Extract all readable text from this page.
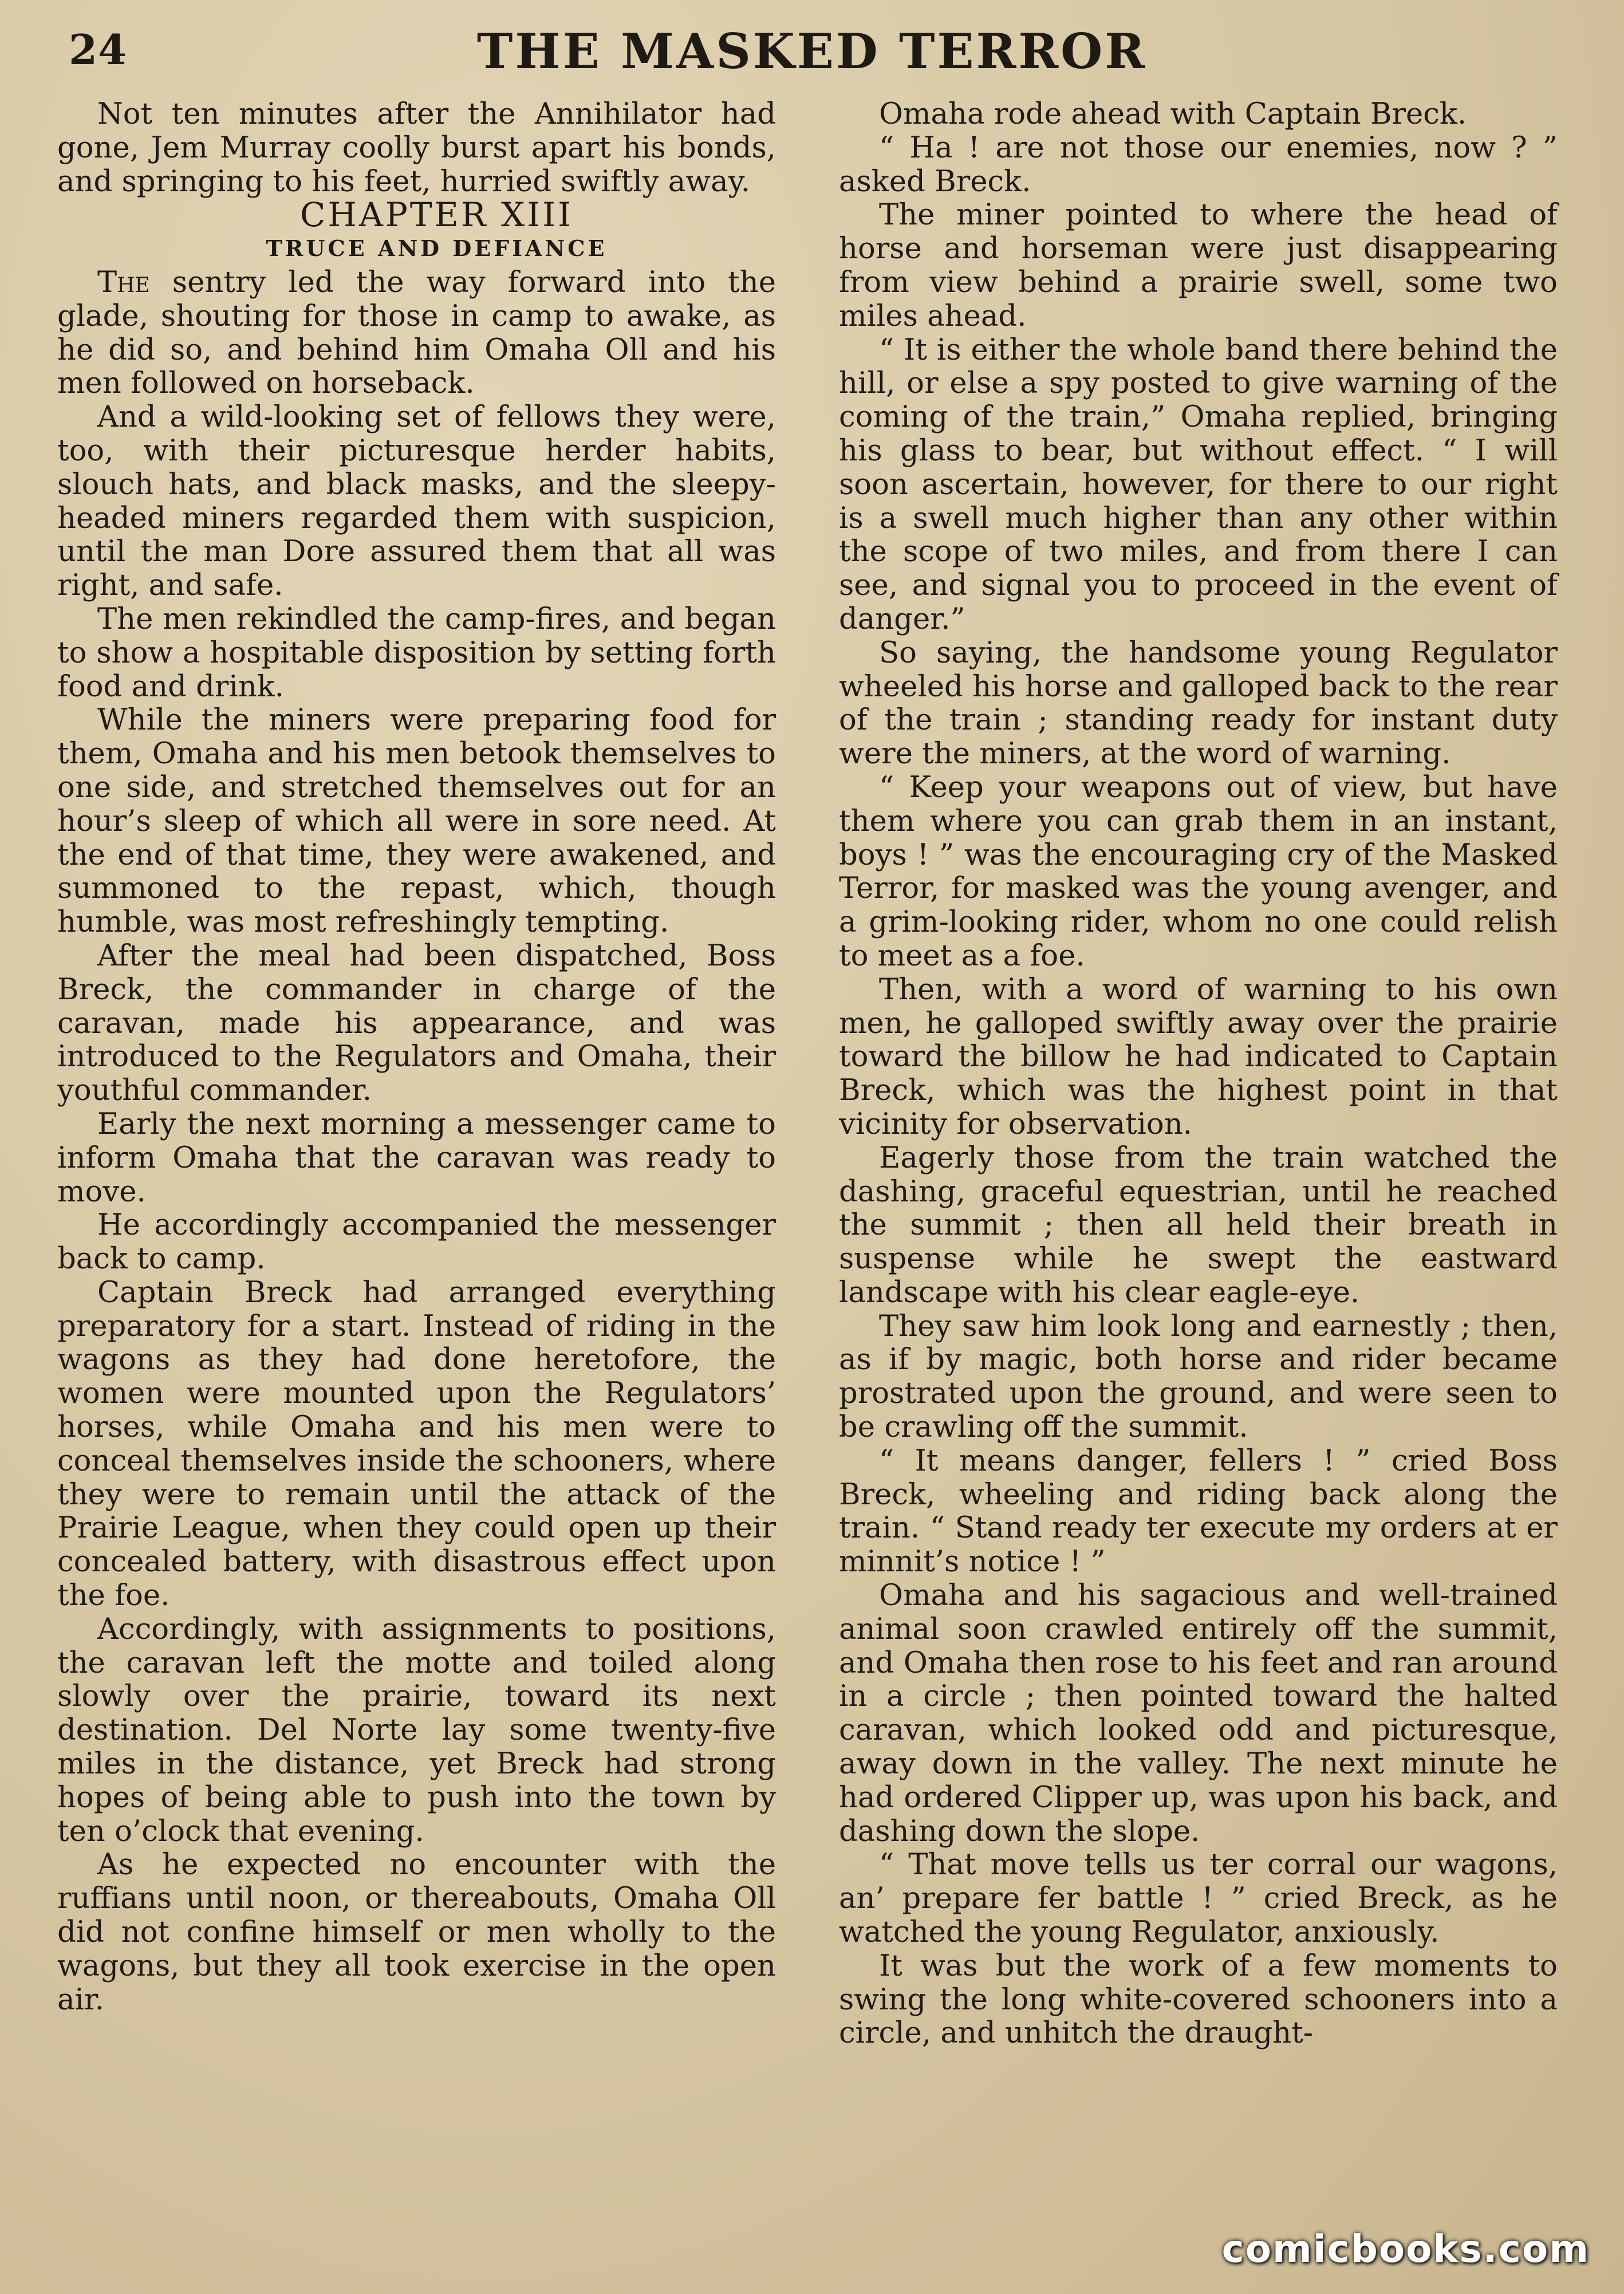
24	THE MASKED TERROR

Not ten minutes after the Annihilator had gone, Jem Murray coolly burst apart his bonds, and springing to his feet, hurried swiftly away.

CHAPTER XIII

TRUCE AND DEFIANCE

The sentry led the way forward into the glade, shouting for those in camp to awake, as he did so, and behind him Omaha Oll and his men followed on horseback.

And a wild-looking set of fellows they were, too, with their picturesque herder habits, slouch hats, and black masks, and the sleepy-headed miners regarded them with suspicion, until the man Dore assured them that all was right, and safe.

The men rekindled the camp-fires, and began to show a hospitable disposition by setting forth food and drink.

While the miners were preparing food for them, Omaha and his men betook themselves to one side, and stretched themselves out for an hour’s sleep of which all were in sore need. At the end of that time, they were awakened, and summoned to the repast, which, though humble, was most refreshingly tempting.

After the meal had been dispatched, Boss Breck, the commander in charge of the caravan, made his appearance, and was introduced to the Regulators and Omaha, their youthful commander.

Early the next morning a messenger came to inform Omaha that the caravan was ready to move.

He accordingly accompanied the messenger back to camp.

Captain Breck had arranged everything preparatory for a start. Instead of riding in the wagons as they had done heretofore, the women were mounted upon the Regulators’ horses, while Omaha and his men were to conceal themselves inside the schooners, where they were to remain until the attack of the Prairie League, when they could open up their concealed battery, with disastrous effect upon the foe.

Accordingly, with assignments to positions, the caravan left the motte and toiled along slowly over the prairie, toward its next destination. Del Norte lay some twenty-five miles in the distance, yet Breck had strong hopes of being able to push into the town by ten o’clock that evening.

As he expected no encounter with the ruffians until noon, or thereabouts, Omaha Oll did not confine himself or men wholly to the wagons, but they all took exercise in the open air.

Omaha rode ahead with Captain Breck.

“ Ha ! are not those our enemies, now ? ” asked Breck.

The miner pointed to where the head of horse and horseman were just disappearing from view behind a prairie swell, some two miles ahead.

“ It is either the whole band there behind the hill, or else a spy posted to give warning of the coming of the train,” Omaha replied, bringing his glass to bear, but without effect. “ I will soon ascertain, however, for there to our right is a swell much higher than any other within the scope of two miles, and from there I can see, and signal you to proceed in the event of danger.”

So saying, the handsome young Regulator wheeled his horse and galloped back to the rear of the train ; standing ready for instant duty were the miners, at the word of warning.

“ Keep your weapons out of view, but have them where you can grab them in an instant, boys ! ” was the encouraging cry of the Masked Terror, for masked was the young avenger, and a grim-looking rider, whom no one could relish to meet as a foe.

Then, with a word of warning to his own men, he galloped swiftly away over the prairie toward the billow he had indicated to Captain Breck, which was the highest point in that vicinity for observation.

Eagerly those from the train watched the dashing, graceful equestrian, until he reached the summit ; then all held their breath in suspense while he swept the eastward landscape with his clear eagle-eye.

They saw him look long and earnestly ; then, as if by magic, both horse and rider became prostrated upon the ground, and were seen to be crawling off the summit.

“ It means danger, fellers ! ” cried Boss Breck, wheeling and riding back along the train. “ Stand ready ter execute my orders at er minnit’s notice ! ”

Omaha and his sagacious and well-trained animal soon crawled entirely off the summit, and Omaha then rose to his feet and ran around in a circle ; then pointed toward the halted caravan, which looked odd and picturesque, away down in the valley. The next minute he had ordered Clipper up, was upon his back, and dashing down the slope.

“ That move tells us ter corral our wagons, an’ prepare fer battle ! ” cried Breck, as he watched the young Regulator, anxiously.

It was but the work of a few moments to swing the long white-covered schooners into a circle, and unhitch the draught-

comicbooks.com
